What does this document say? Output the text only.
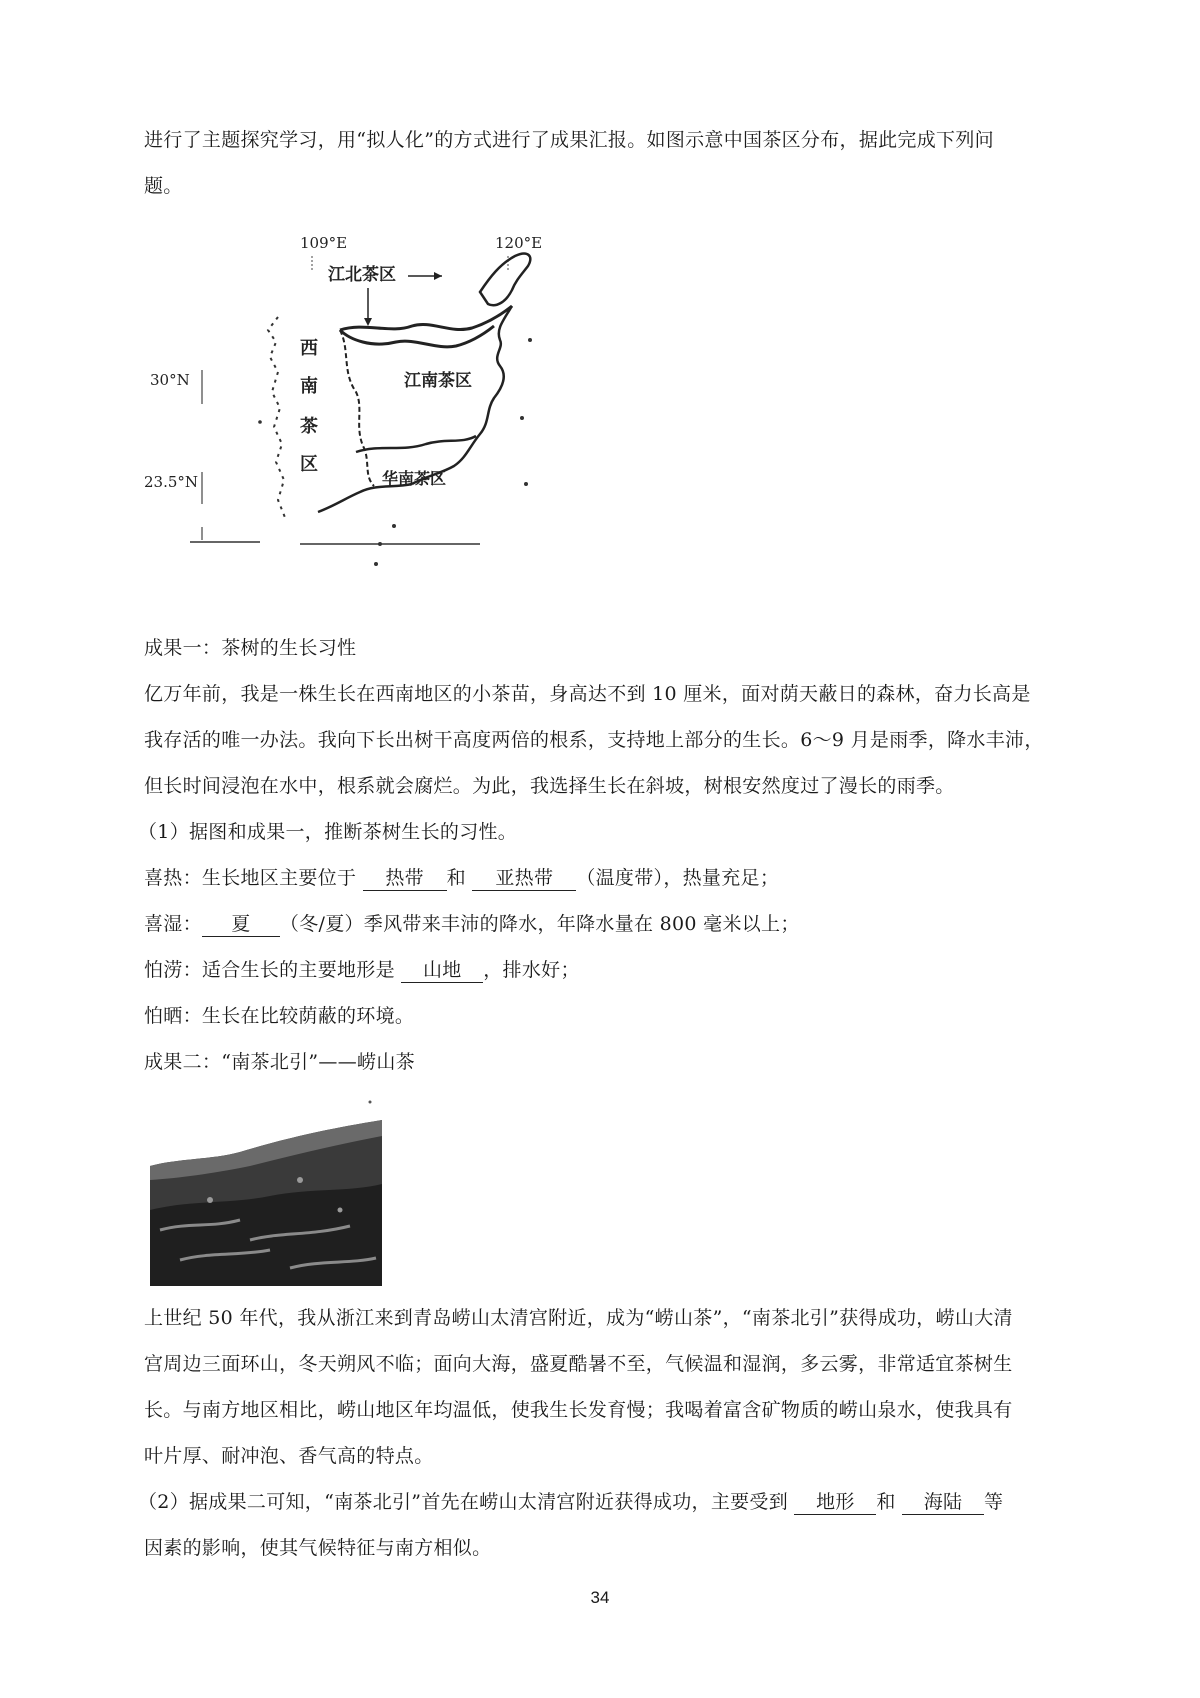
进行了主题探究学习，用“拟人化”的方式进行了成果汇报。如图示意中国茶区分布，据此完成下列问
题。
109°E	120°E
30°N
23.5°N
江北茶区
西
南
茶
区
江南茶区
华南茶区
成果一：茶树的生长习性
亿万年前，我是一株生长在西南地区的小茶苗，身高达不到 10 厘米，面对荫天蔽日的森林，奋力长高是
我存活的唯一办法。我向下长出树干高度两倍的根系，支持地上部分的生长。6～9 月是雨季，降水丰沛，
但长时间浸泡在水中，根系就会腐烂。为此，我选择生长在斜坡，树根安然度过了漫长的雨季。
（1）据图和成果一，推断茶树生长的习性。
喜热：生长地区主要位于 热带 和 亚热带 （温度带），热量充足；
喜湿： 夏 （冬/夏）季风带来丰沛的降水，年降水量在 800 毫米以上；
怕涝：适合生长的主要地形是 山地 ，排水好；
怕晒：生长在比较荫蔽的环境。
成果二：“南茶北引”——崂山茶
上世纪 50 年代，我从浙江来到青岛崂山太清宫附近，成为“崂山茶”，“南茶北引”获得成功，崂山大清
宫周边三面环山，冬天朔风不临；面向大海，盛夏酷暑不至，气候温和湿润，多云雾，非常适宜茶树生
长。与南方地区相比，崂山地区年均温低，使我生长发育慢；我喝着富含矿物质的崂山泉水，使我具有
叶片厚、耐冲泡、香气高的特点。
（2）据成果二可知，“南茶北引”首先在崂山太清宫附近获得成功，主要受到 地形 和 海陆 等
因素的影响，使其气候特征与南方相似。
34
